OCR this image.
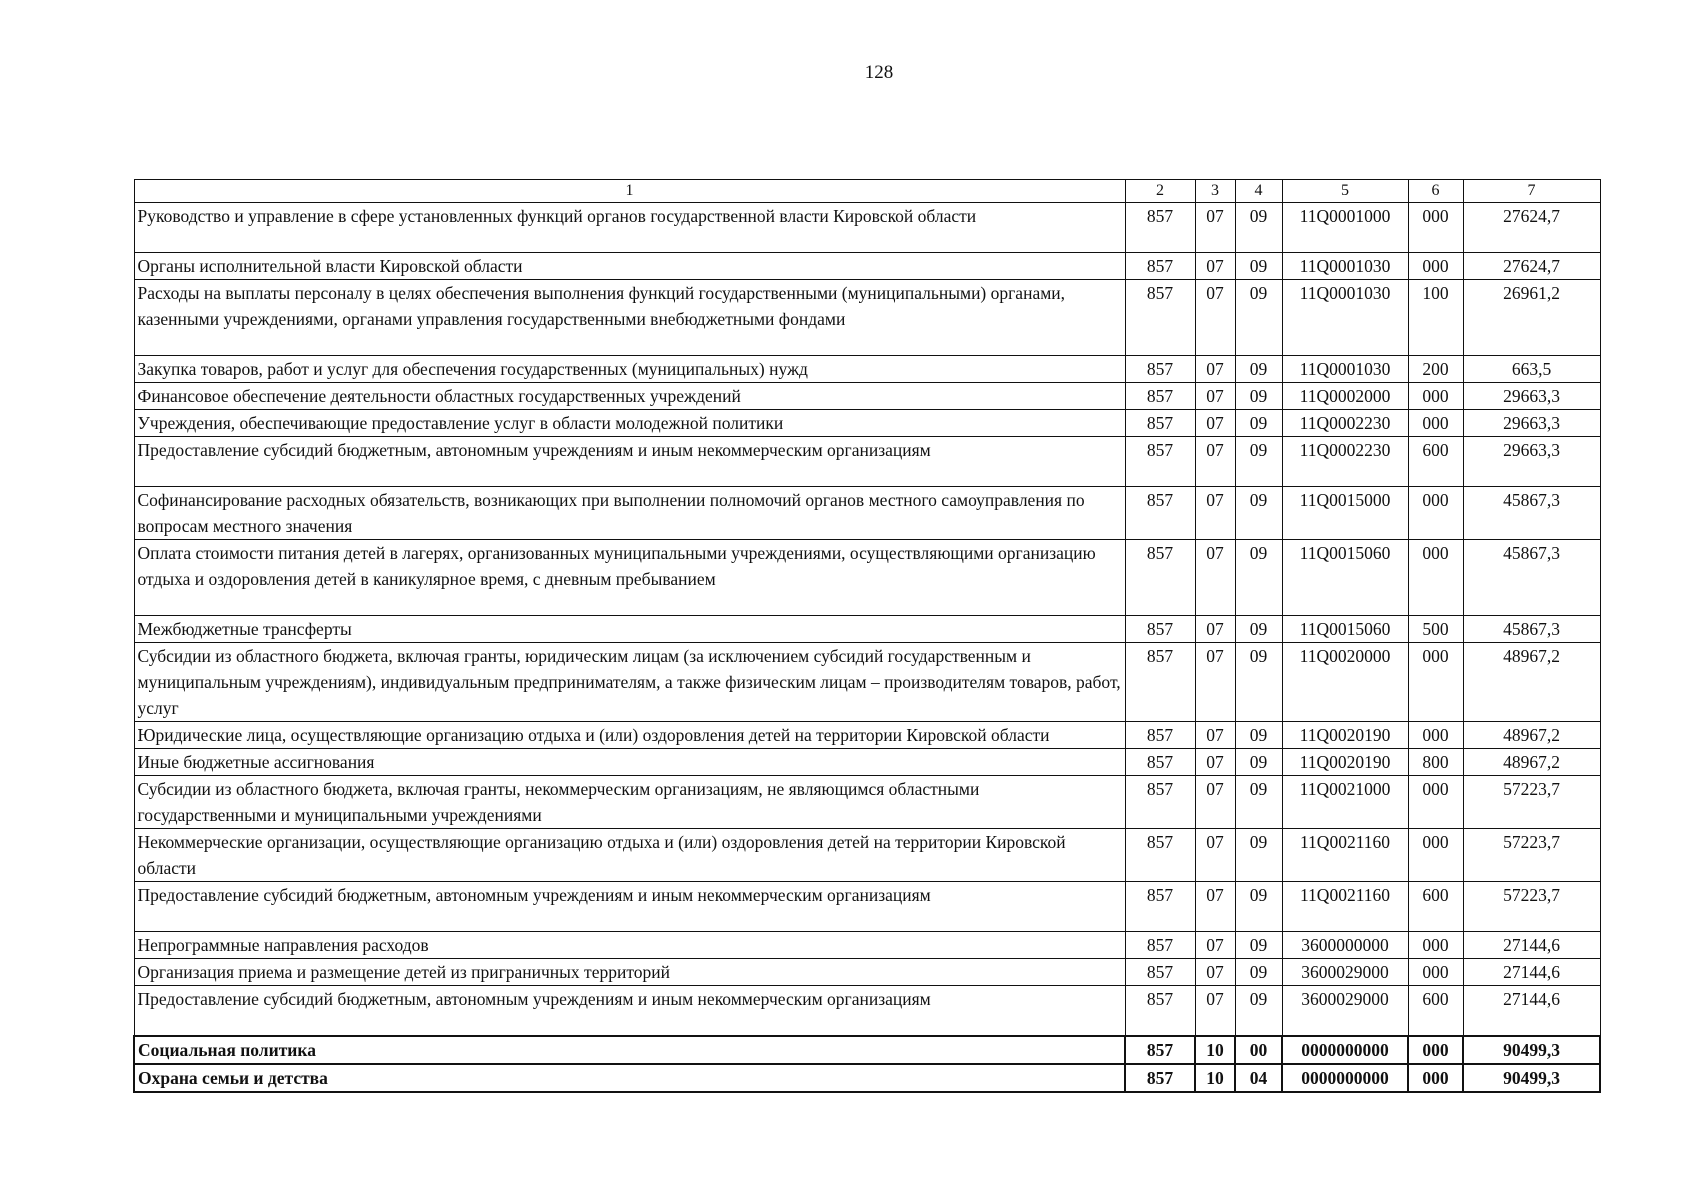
128
1	2	3	4	5	6	7
Руководство и управление в сфере установленных функций органов государственной власти Кировской области	857	07	09	11Q0001000	000	27624,7
Органы исполнительной власти Кировской области	857	07	09	11Q0001030	000	27624,7
Расходы на выплаты персоналу в целях обеспечения выполнения функций государственными (муниципальными) органами, казенными учреждениями, органами управления государственными внебюджетными фондами	857	07	09	11Q0001030	100	26961,2
Закупка товаров, работ и услуг для обеспечения государственных (муниципальных) нужд	857	07	09	11Q0001030	200	663,5
Финансовое обеспечение деятельности областных государственных учреждений	857	07	09	11Q0002000	000	29663,3
Учреждения, обеспечивающие предоставление услуг в области молодежной политики	857	07	09	11Q0002230	000	29663,3
Предоставление субсидий бюджетным, автономным учреждениям и иным некоммерческим организациям	857	07	09	11Q0002230	600	29663,3
Софинансирование расходных обязательств, возникающих при выполнении полномочий органов местного самоуправления по вопросам местного значения	857	07	09	11Q0015000	000	45867,3
Оплата стоимости питания детей в лагерях, организованных муниципальными учреждениями, осуществляющими организацию отдыха и оздоровления детей в каникулярное время, с дневным пребыванием	857	07	09	11Q0015060	000	45867,3
Межбюджетные трансферты	857	07	09	11Q0015060	500	45867,3
Субсидии из областного бюджета, включая гранты, юридическим лицам (за исключением субсидий государственным и муниципальным учреждениям), индивидуальным предпринимателям, а также физическим лицам – производителям товаров, работ, услуг	857	07	09	11Q0020000	000	48967,2
Юридические лица, осуществляющие организацию отдыха и (или) оздоровления детей на территории Кировской области	857	07	09	11Q0020190	000	48967,2
Иные бюджетные ассигнования	857	07	09	11Q0020190	800	48967,2
Субсидии из областного бюджета, включая гранты, некоммерческим организациям, не являющимся областными государственными и муниципальными учреждениями	857	07	09	11Q0021000	000	57223,7
Некоммерческие организации, осуществляющие организацию отдыха и (или) оздоровления детей на территории Кировской области	857	07	09	11Q0021160	000	57223,7
Предоставление субсидий бюджетным, автономным учреждениям и иным некоммерческим организациям	857	07	09	11Q0021160	600	57223,7
Непрограммные направления расходов	857	07	09	3600000000	000	27144,6
Организация приема и размещение детей из приграничных территорий	857	07	09	3600029000	000	27144,6
Предоставление субсидий бюджетным, автономным учреждениям и иным некоммерческим организациям	857	07	09	3600029000	600	27144,6
Социальная политика	857	10	00	0000000000	000	90499,3
Охрана семьи и детства	857	10	04	0000000000	000	90499,3
